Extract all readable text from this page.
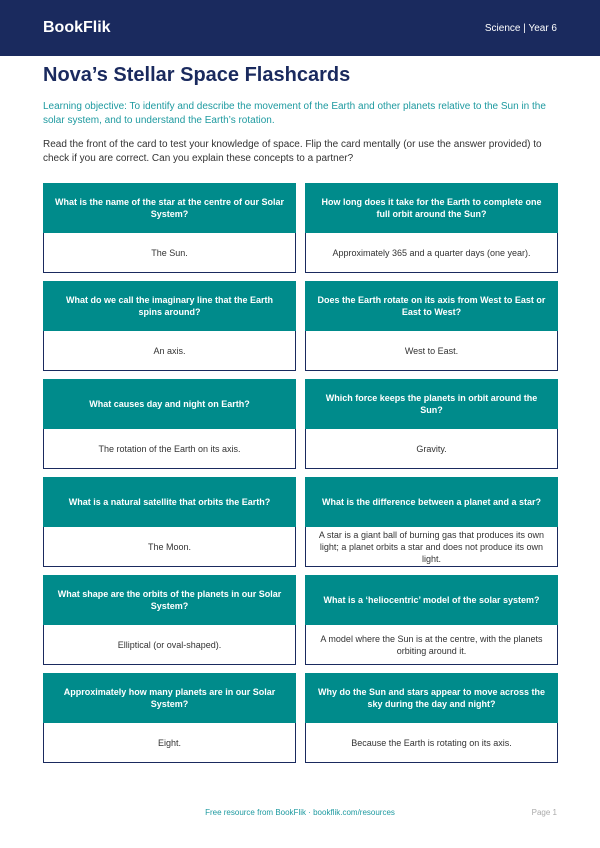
BookFlik	Science | Year 6
Nova’s Stellar Space Flashcards

Learning objective: To identify and describe the movement of the Earth and other planets relative to the Sun in the solar system, and to understand the Earth’s rotation.

Read the front of the card to test your knowledge of space. Flip the card mentally (or use the answer provided) to check if you are correct. Can you explain these concepts to a partner?

What is the name of the star at the centre of our Solar System?
The Sun.
How long does it take for the Earth to complete one full orbit around the Sun?
Approximately 365 and a quarter days (one year).
What do we call the imaginary line that the Earth spins around?
An axis.
Does the Earth rotate on its axis from West to East or East to West?
West to East.
What causes day and night on Earth?
The rotation of the Earth on its axis.
Which force keeps the planets in orbit around the Sun?
Gravity.
What is a natural satellite that orbits the Earth?
The Moon.
What is the difference between a planet and a star?
A star is a giant ball of burning gas that produces its own light; a planet orbits a star and does not produce its own light.
What shape are the orbits of the planets in our Solar System?
Elliptical (or oval-shaped).
What is a ‘heliocentric’ model of the solar system?
A model where the Sun is at the centre, with the planets orbiting around it.
Approximately how many planets are in our Solar System?
Eight.
Why do the Sun and stars appear to move across the sky during the day and night?
Because the Earth is rotating on its axis.
Free resource from BookFlik · bookflik.com/resources	Page 1
